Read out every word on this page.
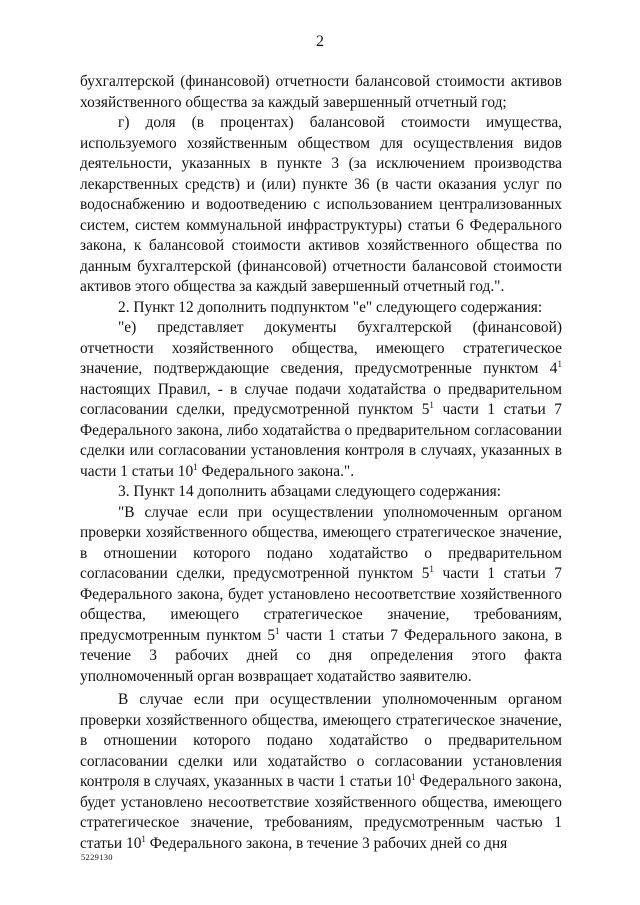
2

бухгалтерской (финансовой) отчетности балансовой стоимости активов хозяйственного общества за каждый завершенный отчетный год;

г) доля (в процентах) балансовой стоимости имущества, используемого хозяйственным обществом для осуществления видов деятельности, указанных в пункте 3 (за исключением производства лекарственных средств) и (или) пункте 36 (в части оказания услуг по водоснабжению и водоотведению с использованием централизованных систем, систем коммунальной инфраструктуры) статьи 6 Федерального закона, к балансовой стоимости активов хозяйственного общества по данным бухгалтерской (финансовой) отчетности балансовой стоимости активов этого общества за каждый завершенный отчетный год.".

2. Пункт 12 дополнить подпунктом "е" следующего содержания:

"е) представляет документы бухгалтерской (финансовой) отчетности хозяйственного общества, имеющего стратегическое значение, подтверждающие сведения, предусмотренные пунктом $4^1$ настоящих Правил, - в случае подачи ходатайства о предварительном согласовании сделки, предусмотренной пунктом $5^1$ части 1 статьи 7 Федерального закона, либо ходатайства о предварительном согласовании сделки или согласовании установления контроля в случаях, указанных в части 1 статьи $10^1$ Федерального закона.".

3. Пункт 14 дополнить абзацами следующего содержания:

"В случае если при осуществлении уполномоченным органом проверки хозяйственного общества, имеющего стратегическое значение, в отношении которого подано ходатайство о предварительном согласовании сделки, предусмотренной пунктом $5^1$ части 1 статьи 7 Федерального закона, будет установлено несоответствие хозяйственного общества, имеющего стратегическое значение, требованиям, предусмотренным пунктом $5^1$ части 1 статьи 7 Федерального закона, в течение 3 рабочих дней со дня определения этого факта уполномоченный орган возвращает ходатайство заявителю.

В случае если при осуществлении уполномоченным органом проверки хозяйственного общества, имеющего стратегическое значение, в отношении которого подано ходатайство о предварительном согласовании сделки или ходатайство о согласовании установления контроля в случаях, указанных в части 1 статьи $10^1$ Федерального закона, будет установлено несоответствие хозяйственного общества, имеющего стратегическое значение, требованиям, предусмотренным частью 1 статьи $10^1$ Федерального закона, в течение 3 рабочих дней со дня

5229130
